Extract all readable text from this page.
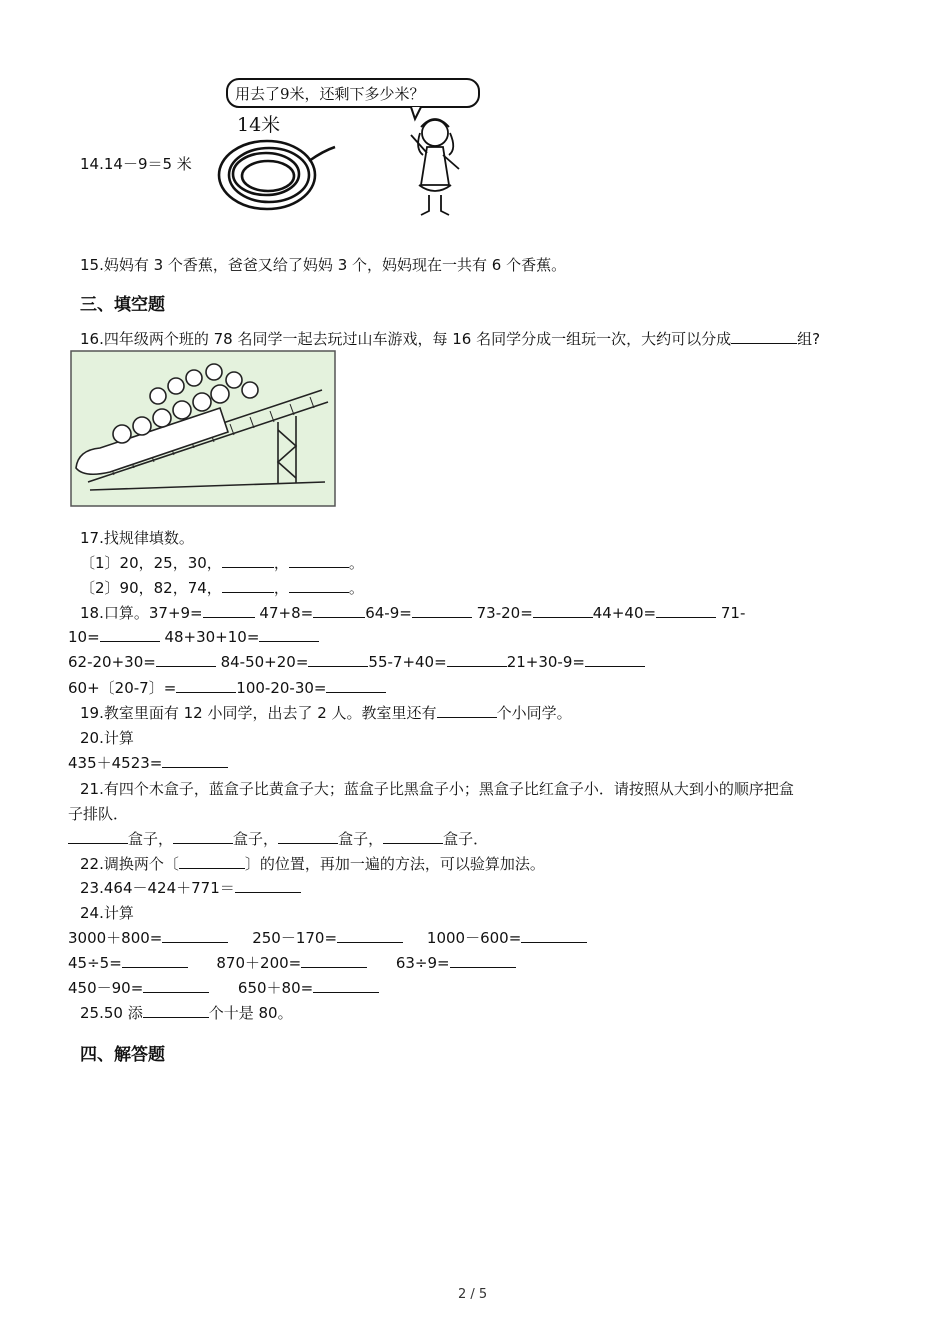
用去了9米，还剩下多少米？
14米
14.14－9＝5 米
15.妈妈有 3 个香蕉，爸爸又给了妈妈 3 个，妈妈现在一共有 6 个香蕉。
三、填空题
16.四年级两个班的 78 名同学一起去玩过山车游戏，每 16 名同学分成一组玩一次，大约可以分成	组?
17.找规律填数。
〔1〕20，25，30，	，	。
〔2〕90，82，74，	，	。
18.口算。37+9=	47+8=	64-9=	73-20=	44+40=	71-
10=	48+30+10=
62-20+30=	84-50+20=	55-7+40=	21+30-9=
60+〔20-7〕=	100-20-30=
19.教室里面有 12 小同学，出去了 2 人。教室里还有	个小同学。
20.计算
435＋4523=
21.有四个木盒子，蓝盒子比黄盒子大；蓝盒子比黑盒子小；黑盒子比红盒子小．请按照从大到小的顺序把盒
子排队．
盒子，	盒子，	盒子，	盒子．
22.调换两个〔	〕的位置，再加一遍的方法，可以验算加法。
23.464－424＋771＝
24.计算
3000＋800=	250－170=	1000－600=
45÷5=	870＋200=	63÷9=
450－90=	650＋80=
25.50 添	个十是 80。
四、解答题
2 / 5
